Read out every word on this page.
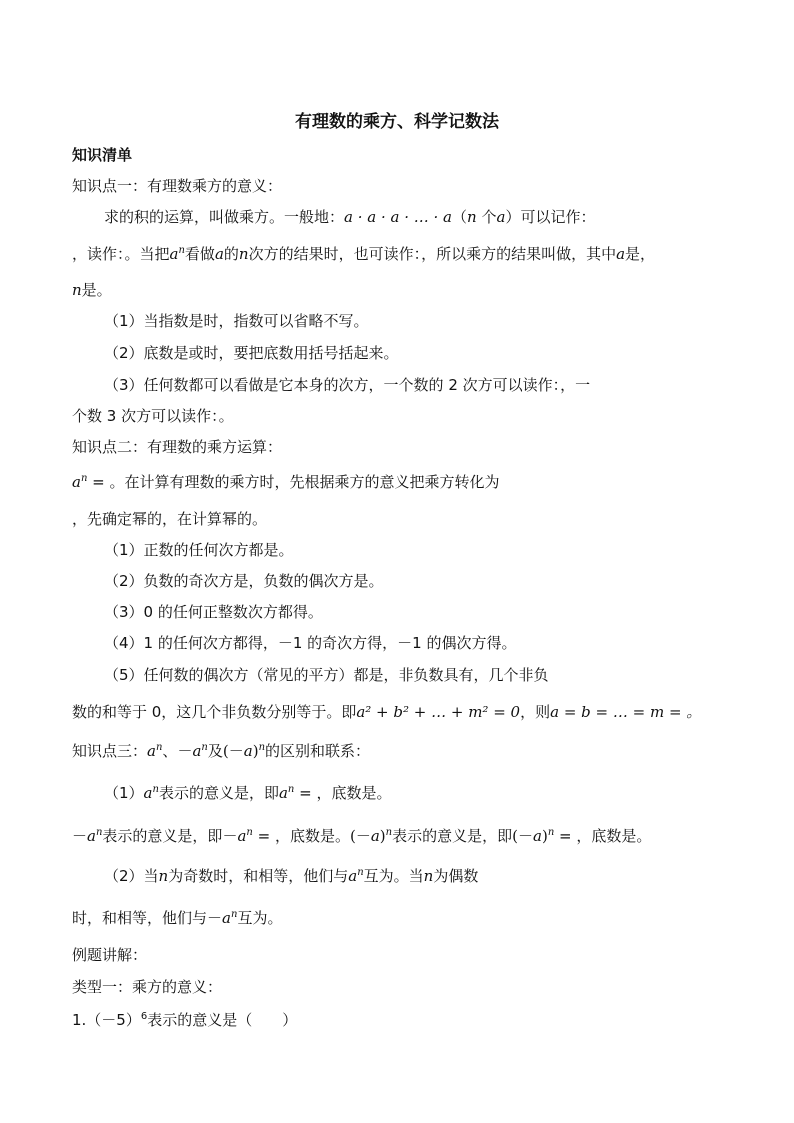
有理数的乘方、科学记数法
知识清单
知识点一：有理数乘方的意义：
求的积的运算，叫做乘方。一般地：a · a · a · … · a（n 个a）可以记作：
，读作：。当把$a^n$看做a的n次方的结果时，也可读作：，所以乘方的结果叫做，其中a是，
n是。
（1）当指数是时，指数可以省略不写。
（2）底数是或时，要把底数用括号括起来。
（3）任何数都可以看做是它本身的次方，一个数的 2 次方可以读作：，一
个数 3 次方可以读作：。
知识点二：有理数的乘方运算：
$a^n$ = 。在计算有理数的乘方时，先根据乘方的意义把乘方转化为
，先确定幂的，在计算幂的。
（1）正数的任何次方都是。
（2）负数的奇次方是，负数的偶次方是。
（3）0 的任何正整数次方都得。
（4）1 的任何次方都得，－1 的奇次方得，－1 的偶次方得。
（5）任何数的偶次方（常见的平方）都是，非负数具有，几个非负
数的和等于 0，这几个非负数分别等于。即a² + b² + … + m² = 0，则a = b = … = m = 。
知识点三：$a^n$、$-a^n$及$(-a)^n$的区别和联系：
$(1)a^n$表示的意义是，即$a^n$ = ，底数是。
$-a^n$表示的意义是，即$-a^n$ = ，底数是。$(-a)^n$表示的意义是，即$(-a)^n$ = ，底数是。
（2）当n为奇数时，和相等，他们与$a^n$互为。当n为偶数
时，和相等，他们与$-a^n$互为。
例题讲解：
类型一：乘方的意义：
$1.(-5)^6$表示的意义是（　　）
